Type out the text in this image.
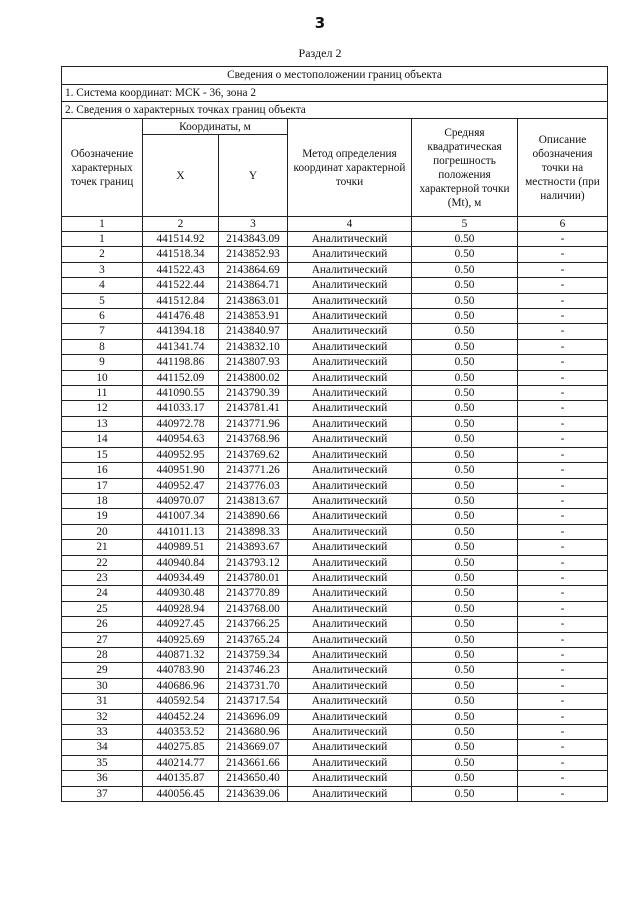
3
Раздел 2
Сведения о местоположении границ объекта					
1. Система координат: МСК - 36, зона 2					
2. Сведения о характерных точках границ объекта					
Обозначение характерных точек границ	Координаты, м		Метод определения координат характерной точки	Средняя квадратическая погрешность положения характерной точки (Mt), м	Описание обозначения точки на местности (при наличии)
	X	Y			
1	2	3	4	5	6
1	441514.92	2143843.09	Аналитический	0.50	-
2	441518.34	2143852.93	Аналитический	0.50	-
3	441522.43	2143864.69	Аналитический	0.50	-
4	441522.44	2143864.71	Аналитический	0.50	-
5	441512.84	2143863.01	Аналитический	0.50	-
6	441476.48	2143853.91	Аналитический	0.50	-
7	441394.18	2143840.97	Аналитический	0.50	-
8	441341.74	2143832.10	Аналитический	0.50	-
9	441198.86	2143807.93	Аналитический	0.50	-
10	441152.09	2143800.02	Аналитический	0.50	-
11	441090.55	2143790.39	Аналитический	0.50	-
12	441033.17	2143781.41	Аналитический	0.50	-
13	440972.78	2143771.96	Аналитический	0.50	-
14	440954.63	2143768.96	Аналитический	0.50	-
15	440952.95	2143769.62	Аналитический	0.50	-
16	440951.90	2143771.26	Аналитический	0.50	-
17	440952.47	2143776.03	Аналитический	0.50	-
18	440970.07	2143813.67	Аналитический	0.50	-
19	441007.34	2143890.66	Аналитический	0.50	-
20	441011.13	2143898.33	Аналитический	0.50	-
21	440989.51	2143893.67	Аналитический	0.50	-
22	440940.84	2143793.12	Аналитический	0.50	-
23	440934.49	2143780.01	Аналитический	0.50	-
24	440930.48	2143770.89	Аналитический	0.50	-
25	440928.94	2143768.00	Аналитический	0.50	-
26	440927.45	2143766.25	Аналитический	0.50	-
27	440925.69	2143765.24	Аналитический	0.50	-
28	440871.32	2143759.34	Аналитический	0.50	-
29	440783.90	2143746.23	Аналитический	0.50	-
30	440686.96	2143731.70	Аналитический	0.50	-
31	440592.54	2143717.54	Аналитический	0.50	-
32	440452.24	2143696.09	Аналитический	0.50	-
33	440353.52	2143680.96	Аналитический	0.50	-
34	440275.85	2143669.07	Аналитический	0.50	-
35	440214.77	2143661.66	Аналитический	0.50	-
36	440135.87	2143650.40	Аналитический	0.50	-
37	440056.45	2143639.06	Аналитический	0.50	-
